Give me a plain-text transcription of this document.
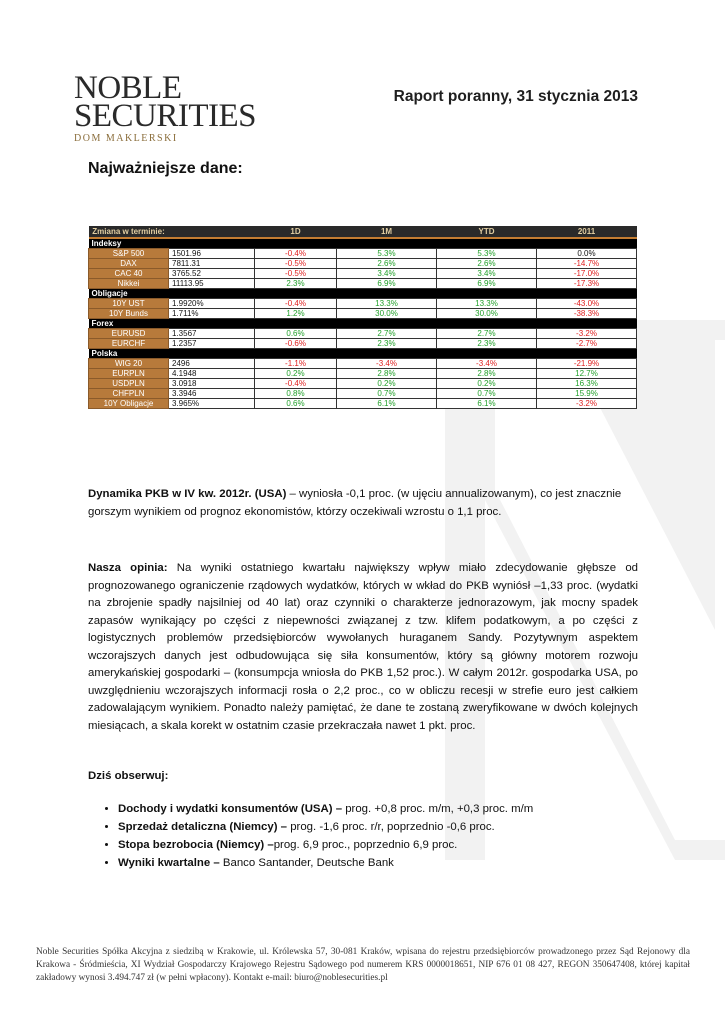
NOBLE
SECURITIES
DOM MAKLERSKI
Raport poranny, 31 stycznia 2013
Najważniejsze dane:
Zmiana w terminie:		1D	1M	YTD	2011
Indeksy					
S&P 500	1501.96	-0.4%	5.3%	5.3%	0.0%
DAX	7811.31	-0.5%	2.6%	2.6%	-14.7%
CAC 40	3765.52	-0.5%	3.4%	3.4%	-17.0%
Nikkei	11113.95	2.3%	6.9%	6.9%	-17.3%
Obligacje					
10Y UST	1.9920%	-0.4%	13.3%	13.3%	-43.0%
10Y Bunds	1.711%	1.2%	30.0%	30.0%	-38.3%
Forex					
EURUSD	1.3567	0.6%	2.7%	2.7%	-3.2%
EURCHF	1.2357	-0.6%	2.3%	2.3%	-2.7%
Polska					
WIG 20	2496	-1.1%	-3.4%	-3.4%	-21.9%
EURPLN	4.1948	0.2%	2.8%	2.8%	12.7%
USDPLN	3.0918	-0.4%	0.2%	0.2%	16.3%
CHFPLN	3.3946	0.8%	0.7%	0.7%	15.9%
10Y Obligacje	3.965%	0.6%	6.1%	6.1%	-3.2%
Dynamika PKB w IV kw. 2012r. (USA) – wyniosła -0,1 proc. (w ujęciu annualizowanym), co jest znacznie gorszym wynikiem od prognoz ekonomistów, którzy oczekiwali wzrostu o 1,1 proc.
Nasza opinia: Na wyniki ostatniego kwartału największy wpływ miało zdecydowanie głębsze od prognozowanego ograniczenie rządowych wydatków, których w wkład do PKB wyniósł –1,33 proc. (wydatki na zbrojenie spadły najsilniej od 40 lat) oraz czynniki o charakterze jednorazowym, jak mocny spadek zapasów wynikający po części z niepewności związanej z tzw. klifem podatkowym, a po części z logistycznych problemów przedsiębiorców wywołanych huraganem Sandy. Pozytywnym aspektem wczorajszych danych jest odbudowująca się siła konsumentów, który są główny motorem rozwoju amerykańskiej gospodarki – (konsumpcja wniosła do PKB 1,52 proc.). W całym 2012r. gospodarka USA, po uwzględnieniu wczorajszych informacji rosła o 2,2 proc., co w obliczu recesji w strefie euro jest całkiem zadowalającym wynikiem. Ponadto należy pamiętać, że dane te zostaną zweryfikowane w dwóch kolejnych miesiącach, a skala korekt w ostatnim czasie przekraczała nawet 1 pkt. proc.
Dziś obserwuj:
• Dochody i wydatki konsumentów (USA) – prog. +0,8 proc. m/m, +0,3 proc. m/m
• Sprzedaż detaliczna (Niemcy) – prog. -1,6 proc. r/r, poprzednio -0,6 proc.
• Stopa bezrobocia (Niemcy) –prog. 6,9 proc., poprzednio 6,9 proc.
• Wyniki kwartalne – Banco Santander, Deutsche Bank
Noble Securities Spółka Akcyjna z siedzibą w Krakowie, ul. Królewska 57, 30-081 Kraków, wpisana do rejestru przedsiębiorców prowadzonego przez Sąd Rejonowy dla Krakowa - Śródmieścia, XI Wydział Gospodarczy Krajowego Rejestru Sądowego pod numerem KRS 0000018651, NIP 676 01 08 427, REGON 350647408, której kapitał zakładowy wynosi 3.494.747 zł (w pełni wpłacony). Kontakt e-mail: biuro@noblesecurities.pl
